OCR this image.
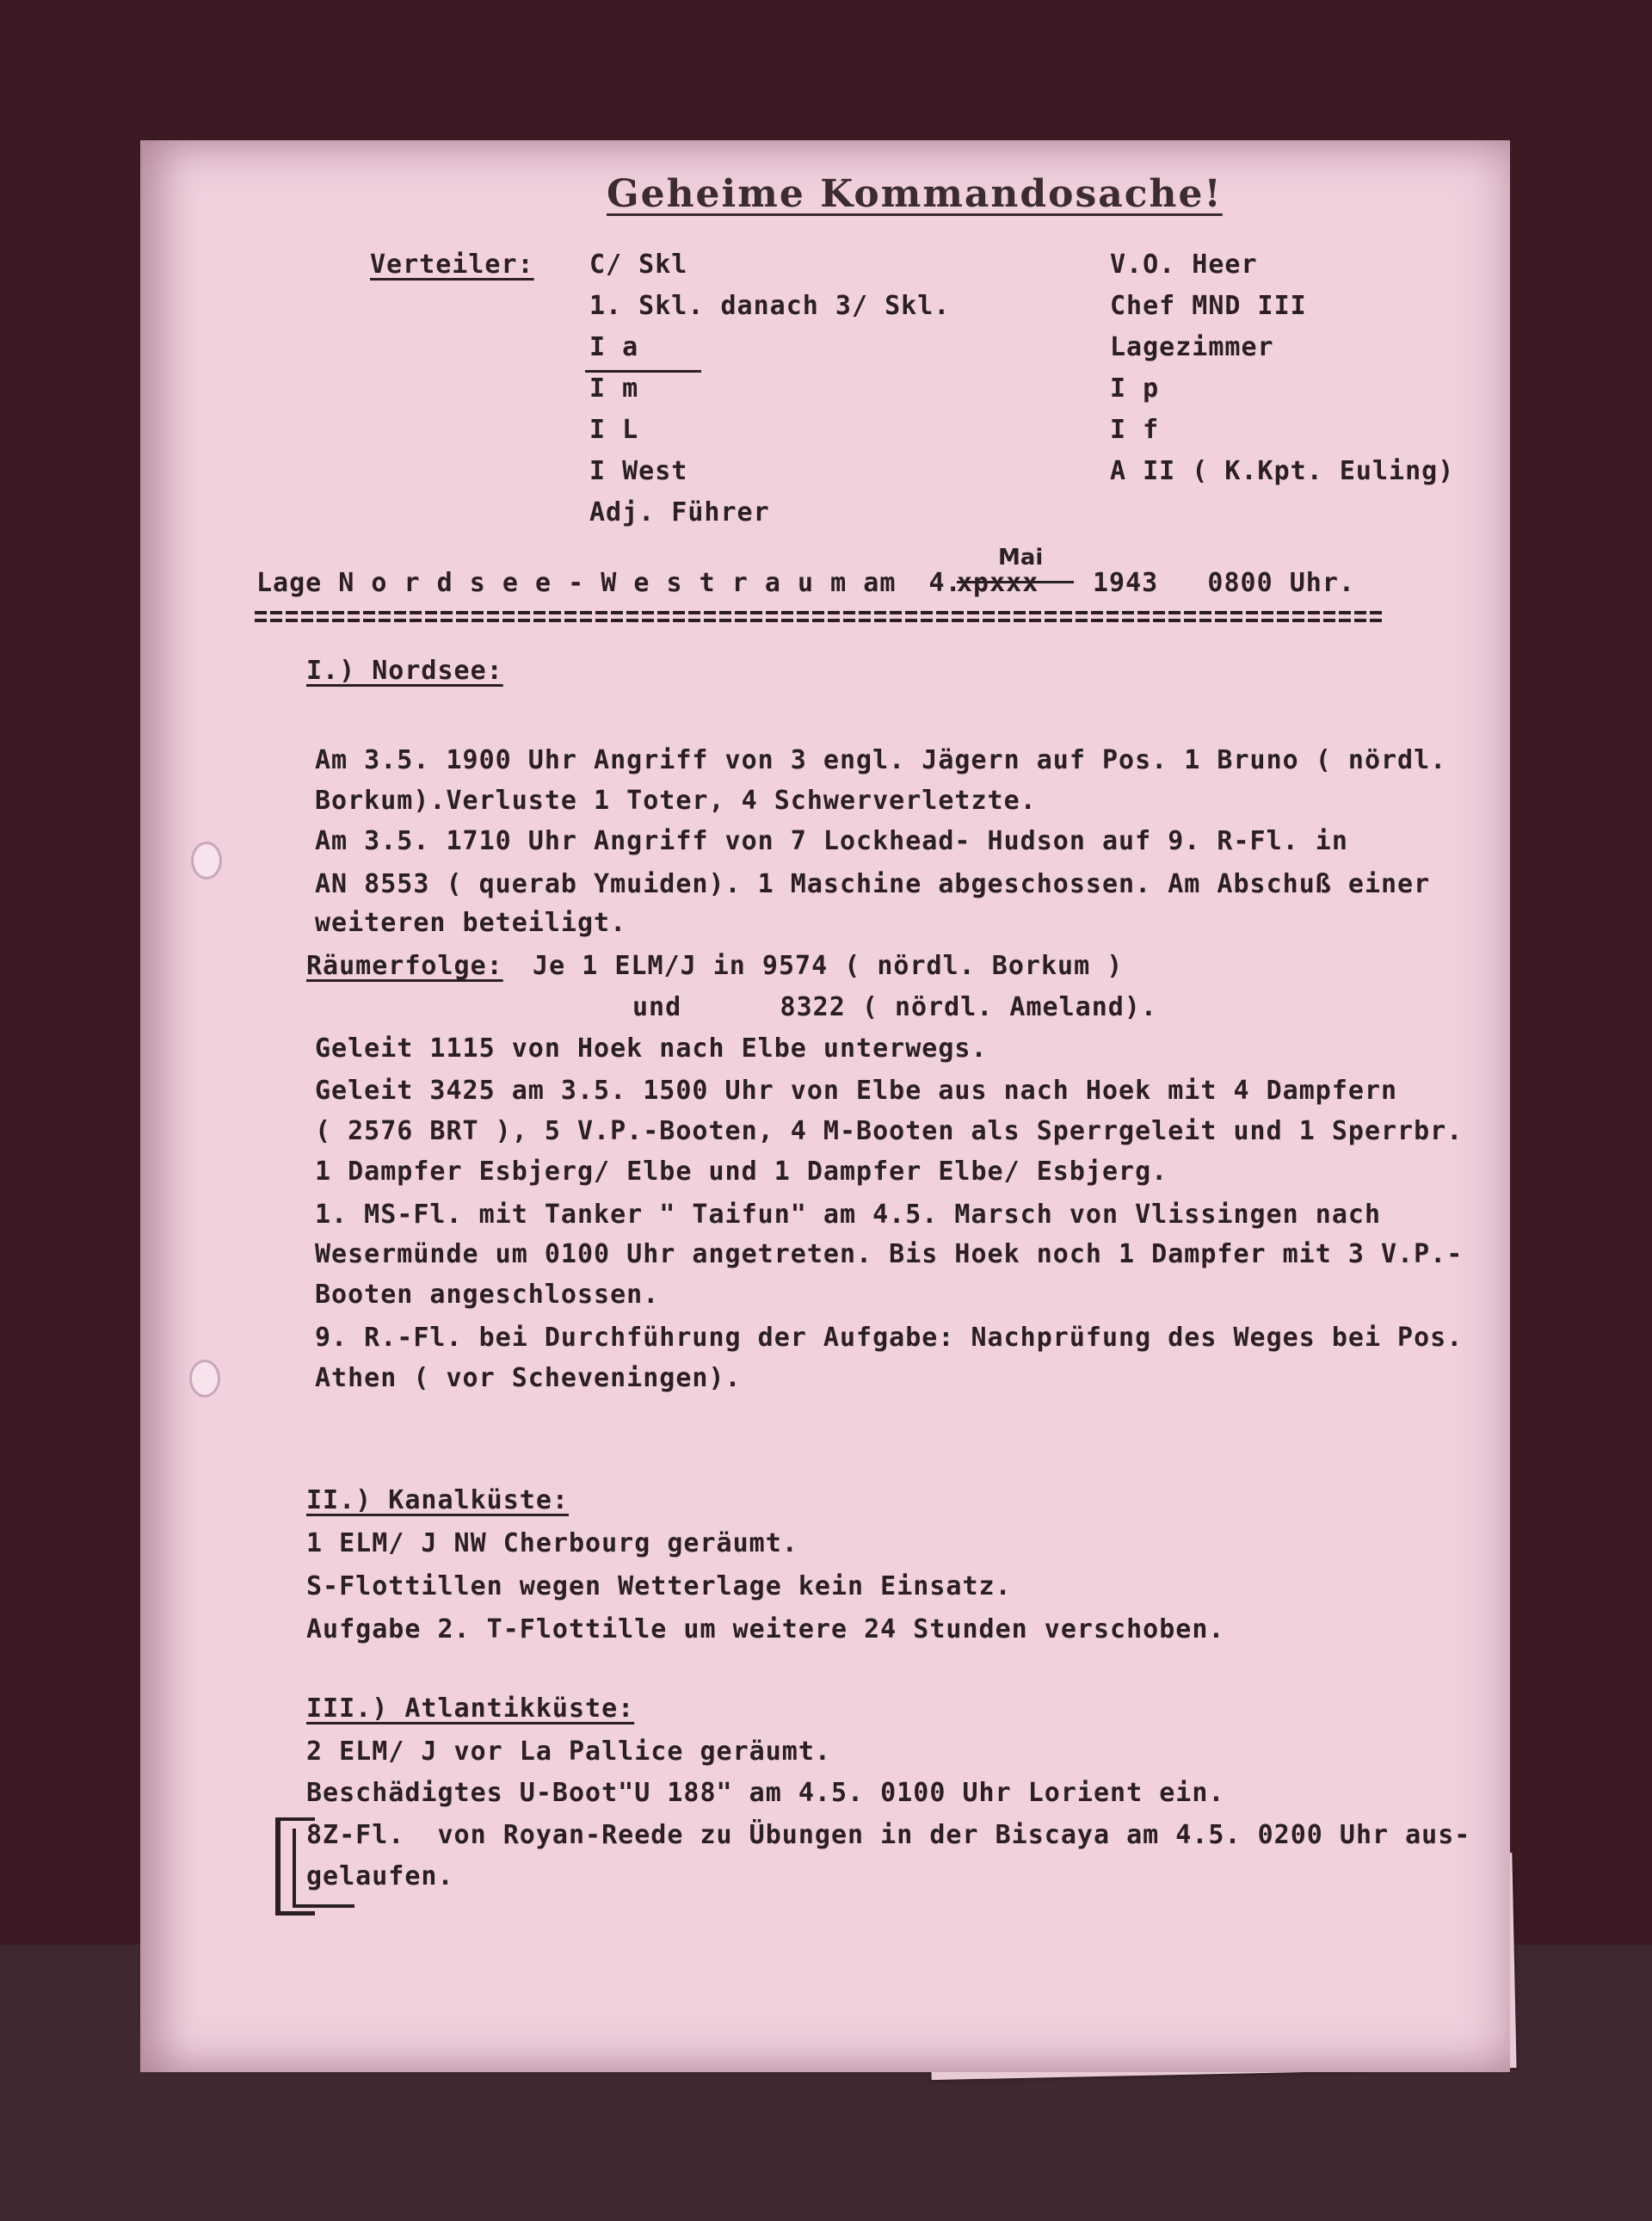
Geheime Kommandosache!
Verteiler: C/ Skl
1. Skl. danach 3/ Skl.
I a
I m
I L
I West
Adj. Führer
V.O. Heer
Chef MND III
Lagezimmer
I p
I f
A II ( K.Kpt. Euling)
Lage N o r d s e e - W e s t r a u m am  4.
xpxxx
Mai
1943   0800 Uhr.
I.) Nordsee:
Am 3.5. 1900 Uhr Angriff von 3 engl. Jägern auf Pos. 1 Bruno ( nördl.
Borkum).Verluste 1 Toter, 4 Schwerverletzte.
Am 3.5. 1710 Uhr Angriff von 7 Lockhead- Hudson auf 9. R-Fl. in
AN 8553 ( querab Ymuiden). 1 Maschine abgeschossen. Am Abschuß einer
weiteren beteiligt.
Räumerfolge: Je 1 ELM/J in 9574 ( nördl. Borkum )
und      8322 ( nördl. Ameland).
Geleit 1115 von Hoek nach Elbe unterwegs.
Geleit 3425 am 3.5. 1500 Uhr von Elbe aus nach Hoek mit 4 Dampfern
( 2576 BRT ), 5 V.P.-Booten, 4 M-Booten als Sperrgeleit und 1 Sperrbr.
1 Dampfer Esbjerg/ Elbe und 1 Dampfer Elbe/ Esbjerg.
1. MS-Fl. mit Tanker " Taifun" am 4.5. Marsch von Vlissingen nach
Wesermünde um 0100 Uhr angetreten. Bis Hoek noch 1 Dampfer mit 3 V.P.-
Booten angeschlossen.
9. R.-Fl. bei Durchführung der Aufgabe: Nachprüfung des Weges bei Pos.
Athen ( vor Scheveningen).
II.) Kanalküste:
1 ELM/ J NW Cherbourg geräumt.
S-Flottillen wegen Wetterlage kein Einsatz.
Aufgabe 2. T-Flottille um weitere 24 Stunden verschoben.
III.) Atlantikküste:
2 ELM/ J vor La Pallice geräumt.
Beschädigtes U-Boot"U 188" am 4.5. 0100 Uhr Lorient ein.
8Z-Fl.  von Royan-Reede zu Übungen in der Biscaya am 4.5. 0200 Uhr aus-
gelaufen.
